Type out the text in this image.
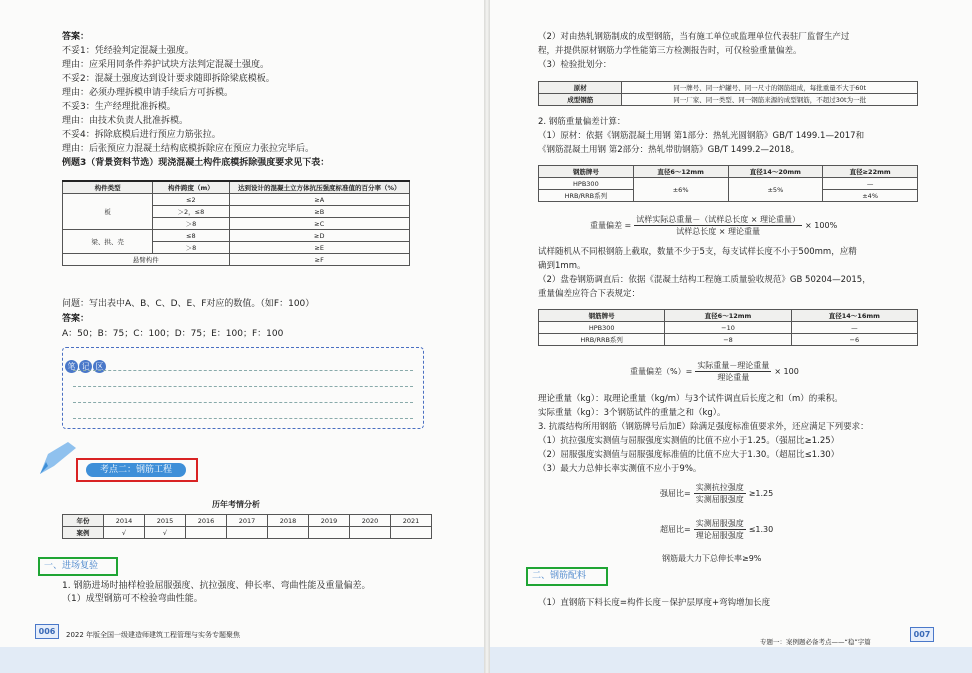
答案：
不妥1：凭经验判定混凝土强度。
理由：应采用同条件养护试块方法判定混凝土强度。
不妥2：混凝土强度达到设计要求随即拆除梁底模板。
理由：必须办理拆模申请手续后方可拆模。
不妥3：生产经理批准拆模。
理由：由技术负责人批准拆模。
不妥4：拆除底模后进行预应力筋张拉。
理由：后张预应力混凝土结构底模拆除应在预应力张拉完毕后。
例题3（背景资料节选）现浇混凝土构件底模拆除强度要求见下表：
构件类型	构件跨度（m）	达到设计的混凝土立方体抗压强度标准值的百分率（%）
板	≤2	≥A
	＞2，≤8	≥B
	＞8	≥C
梁、拱、壳	≤8	≥D
	＞8	≥E
悬臂构件		≥F
问题：写出表中A、B、C、D、E、F对应的数值。（如F：100）
答案：
A：50；B：75；C：100；D：75；E：100；F：100
笔 记 区
考点二：钢筋工程
历年考情分析
年份	2014	2015	2016	2017	2018	2019	2020	2021
案例	√	√						
一、进场复验
1. 钢筋进场时抽样检验屈服强度、抗拉强度、伸长率、弯曲性能及重量偏差。
（1）成型钢筋可不检验弯曲性能。
006	2022 年版全国一级建造师建筑工程管理与实务专题聚焦
（2）对由热轧钢筋制成的成型钢筋，当有施工单位或监理单位代表驻厂监督生产过
程，并提供原材钢筋力学性能第三方检测报告时，可仅检验重量偏差。
（3）检验批划分：
原材	同一牌号、同一炉罐号、同一尺寸的钢筋组成，每批重量不大于60t
成型钢筋	同一厂家、同一类型、同一钢筋来源的成型钢筋，不超过30t为一批
2. 钢筋重量偏差计算：
（1）原材：依据《钢筋混凝土用钢 第1部分：热轧光圆钢筋》GB/T 1499.1—2017和
《钢筋混凝土用钢 第2部分：热轧带肋钢筋》GB/T 1499.2—2018。
钢筋牌号	直径6～12mm	直径14～20mm	直径≥22mm
HPB300	±6%	±5%	—
HRB/RRB系列			±4%
重量偏差 = $\frac{\text{试样实际总重量－（试样总长度 × 理论重量）}}{\text{试样总长度 × 理论重量}} \times 100\%$
试样随机从不同根钢筋上截取，数量不少于5支，每支试样长度不小于500mm，应精
确到1mm。
（2）盘卷钢筋调直后：依据《混凝土结构工程施工质量验收规范》GB 50204—2015，
重量偏差应符合下表规定：
钢筋牌号	直径6～12mm	直径14～16mm
HPB300	−10	—
HRB/RRB系列	−8	−6
重量偏差（%）= $\frac{\text{实际重量－理论重量}}{\text{理论重量}} \times 100$
理论重量（kg）：取理论重量（kg/m）与3个试件调直后长度之和（m）的乘积。
实际重量（kg）：3个钢筋试件的重量之和（kg）。
3. 抗震结构所用钢筋（钢筋牌号后加E）除满足强度标准值要求外，还应满足下列要求：
（1）抗拉强度实测值与屈服强度实测值的比值不应小于1.25。（强屈比≥1.25）
（2）屈服强度实测值与屈服强度标准值的比值不应大于1.30。（超屈比≤1.30）
（3）最大力总伸长率实测值不应小于9%。
强屈比= $\frac{\text{实测抗拉强度}}{\text{实测屈服强度}} \ge 1.25$
超屈比= $\frac{\text{实测屈服强度}}{\text{理论屈服强度}} \le 1.30$
钢筋最大力下总伸长率≥9%
二、钢筋配料
（1）直钢筋下料长度=构件长度－保护层厚度+弯钩增加长度
专题一：案例题必备考点——“稳”字篇
007
